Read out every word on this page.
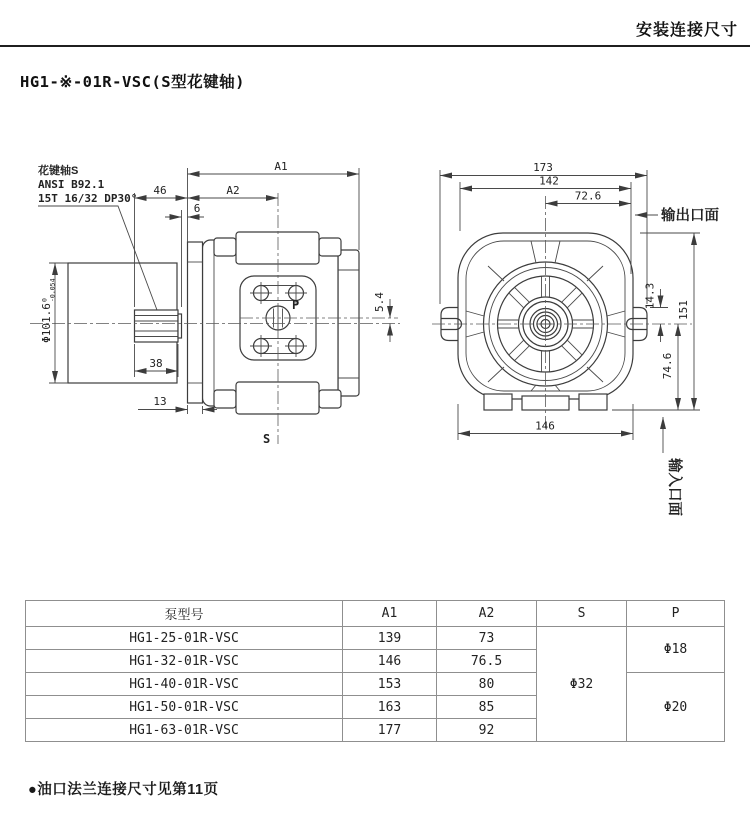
安装连接尺寸
HG1-※-01R-VSC(S型花键轴)
花键轴S
ANSI B92.1
15T 16/32 DP30°
P
A1
46	A2
6
Φ101.6
0 -0.054
38
13
5.4
S
173
142
72.6
输出口面
14.3
151
74.6
146
输入口面
泵型号	A1	A2	S	P
HG1-25-01R-VSC	139	73	Φ32	Φ18
HG1-32-01R-VSC	146	76.5		
HG1-40-01R-VSC	153	80		Φ20
HG1-50-01R-VSC	163	85		
HG1-63-01R-VSC	177	92		
●油口法兰连接尺寸见第11页
